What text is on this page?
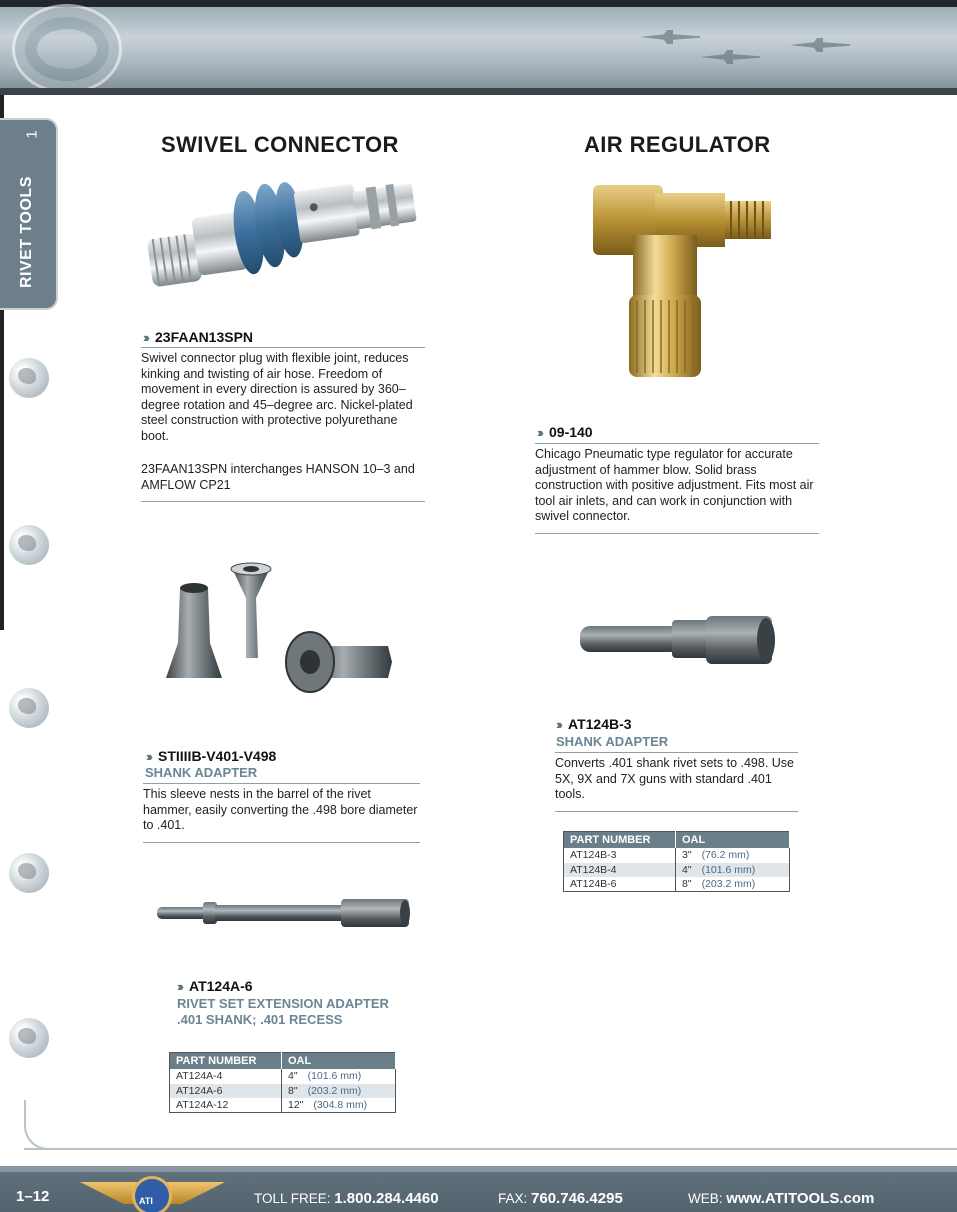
1
RIVET TOOLS
SWIVEL CONNECTOR	AIR REGULATOR
››› 23FAAN13SPN

Swivel connector plug with flexible joint, reduces kinking and twisting of air hose. Freedom of movement in every direction is assured by 360–degree rotation and 45–degree arc. Nickel-plated steel construction with protective polyurethane boot.

23FAAN13SPN interchanges HANSON 10–3 and AMFLOW CP21

››› 09-140

Chicago Pneumatic type regulator for accurate adjustment of hammer blow. Solid brass construction with positive adjustment. Fits most air tool air inlets, and can work in conjunction with swivel connector.

››› STIIIIB-V401-V498
SHANK ADAPTER

This sleeve nests in the barrel of the rivet hammer, easily converting the .498 bore diameter to .401.

››› AT124B-3
SHANK ADAPTER

Converts .401 shank rivet sets to .498. Use 5X, 9X and 7X guns with standard .401 tools.

PART NUMBER	OAL
AT124B-3	3" (76.2 mm)
AT124B-4	4" (101.6 mm)
AT124B-6	8" (203.2 mm)
››› AT124A-6
RIVET SET EXTENSION ADAPTER
.401 SHANK; .401 RECESS
PART NUMBER	OAL
AT124A-4	4" (101.6 mm)
AT124A-6	8" (203.2 mm)
AT124A-12	12" (304.8 mm)
1–12	ATI	TOLL FREE: 1.800.284.4460	FAX: 760.746.4295	WEB: www.ATITOOLS.com
